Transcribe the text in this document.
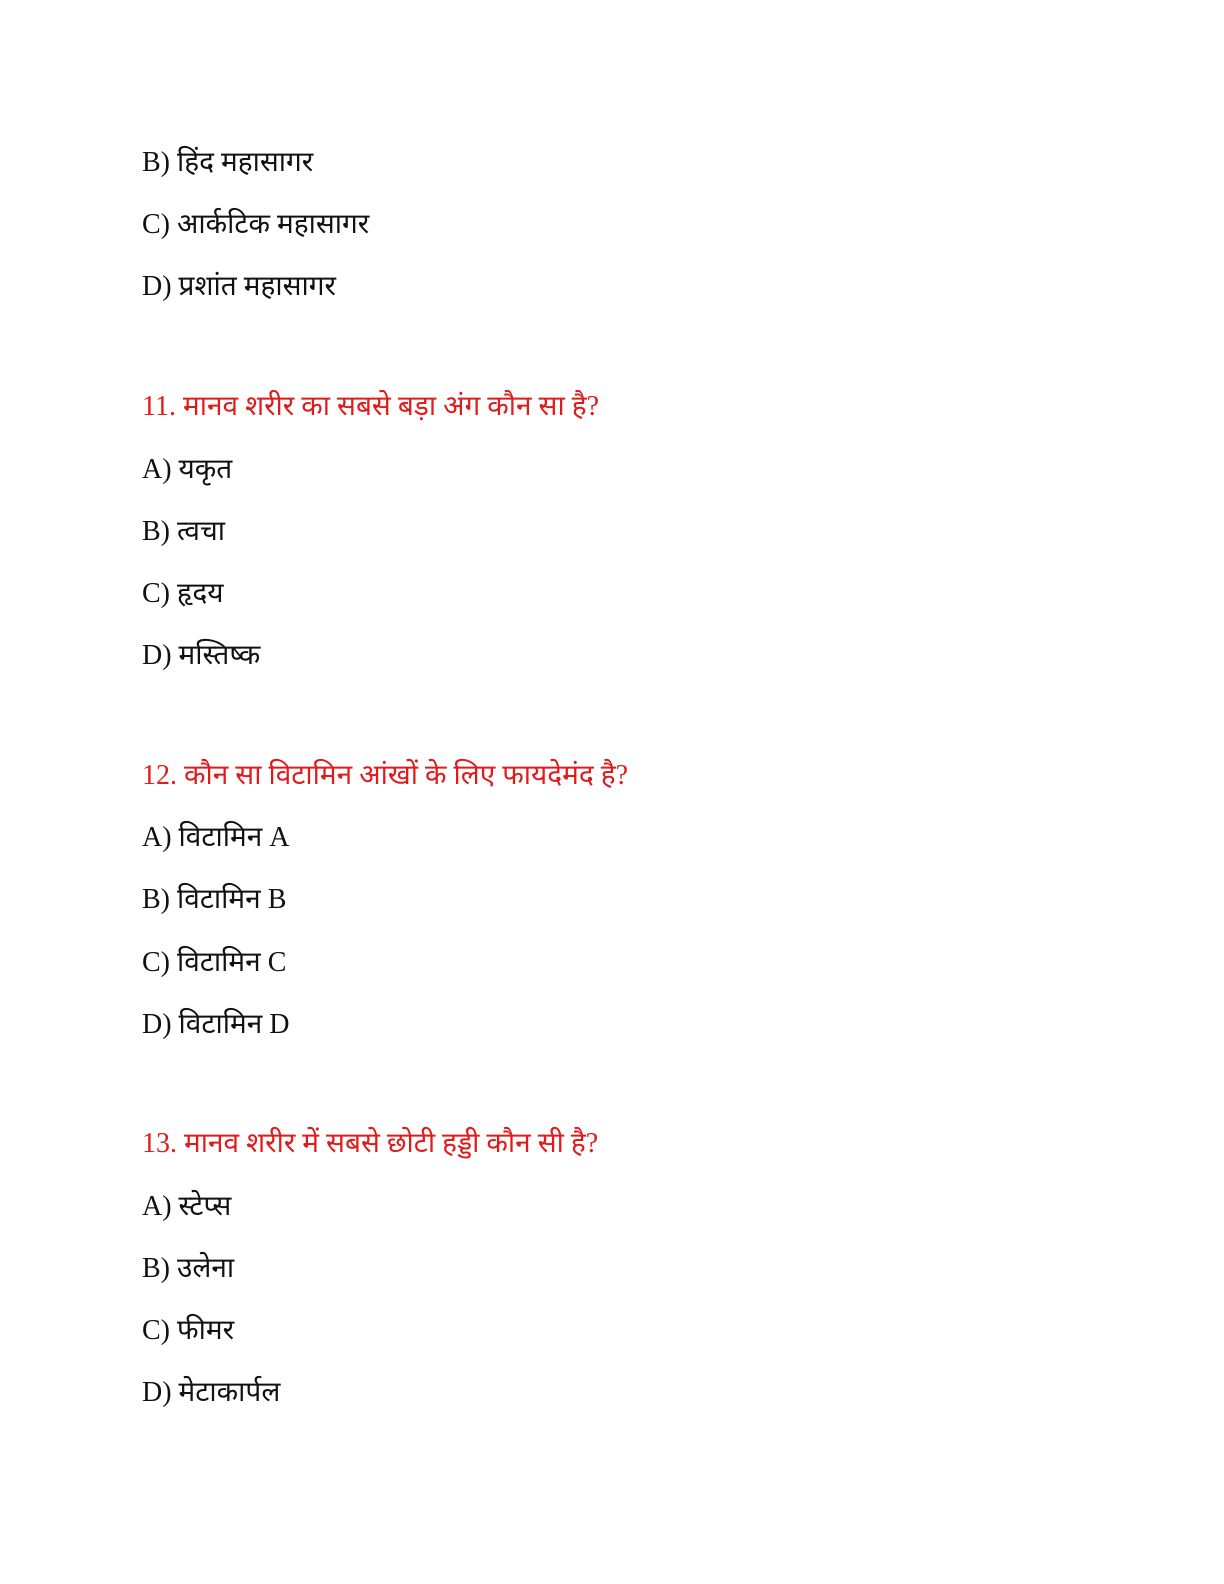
B) हिंद महासागर
C) आर्कटिक महासागर
D) प्रशांत महासागर
11. मानव शरीर का सबसे बड़ा अंग कौन सा है?
A) यकृत
B) त्वचा
C) हृदय
D) मस्तिष्क
12. कौन सा विटामिन आंखों के लिए फायदेमंद है?
A) विटामिन A
B) विटामिन B
C) विटामिन C
D) विटामिन D
13. मानव शरीर में सबसे छोटी हड्डी कौन सी है?
A) स्टेप्स
B) उलेना
C) फीमर
D) मेटाकार्पल
